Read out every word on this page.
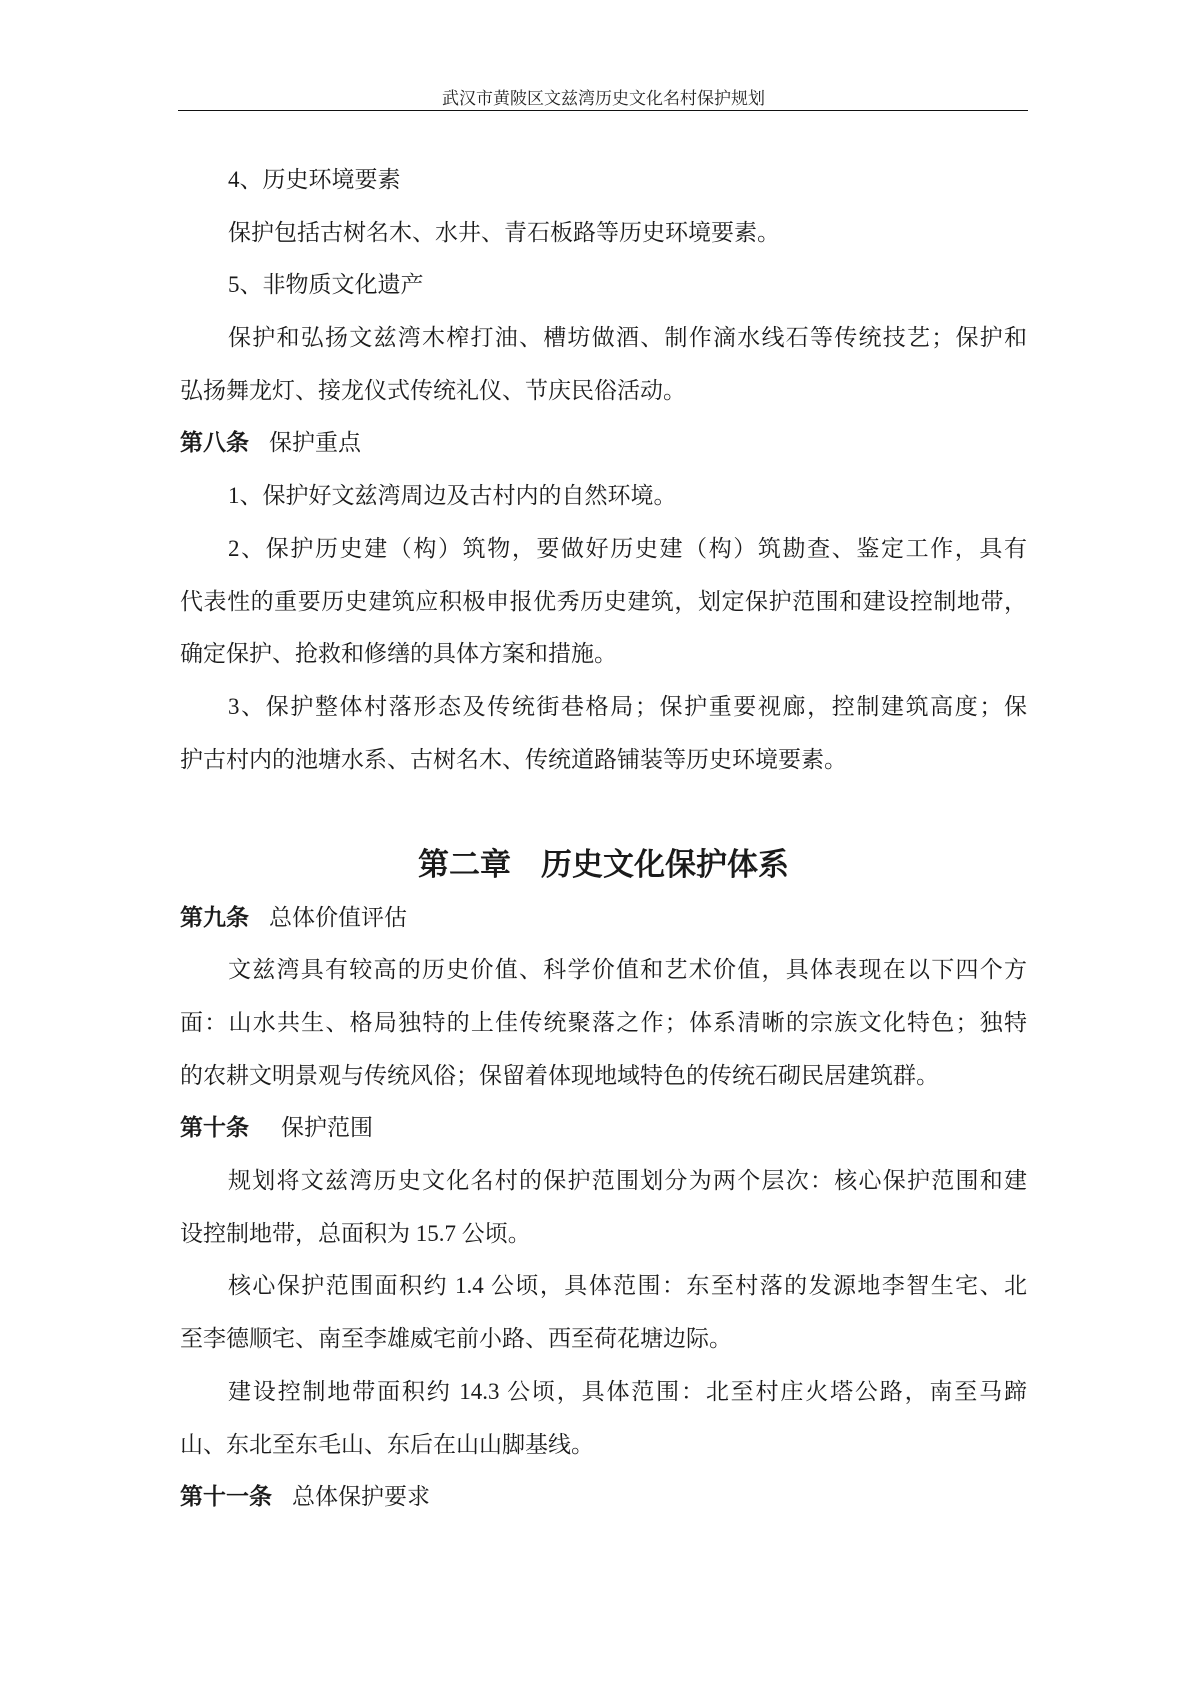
武汉市黄陂区文兹湾历史文化名村保护规划
4、历史环境要素
保护包括古树名木、水井、青石板路等历史环境要素。
5、非物质文化遗产
保护和弘扬文兹湾木榨打油、槽坊做酒、制作滴水线石等传统技艺；保护和
弘扬舞龙灯、接龙仪式传统礼仪、节庆民俗活动。
第八条 保护重点
1、保护好文兹湾周边及古村内的自然环境。
2、保护历史建（构）筑物，要做好历史建（构）筑勘查、鉴定工作，具有
代表性的重要历史建筑应积极申报优秀历史建筑，划定保护范围和建设控制地带，
确定保护、抢救和修缮的具体方案和措施。
3、保护整体村落形态及传统街巷格局；保护重要视廊，控制建筑高度；保
护古村内的池塘水系、古树名木、传统道路铺装等历史环境要素。
第二章 历史文化保护体系
第九条 总体价值评估
文兹湾具有较高的历史价值、科学价值和艺术价值，具体表现在以下四个方
面：山水共生、格局独特的上佳传统聚落之作；体系清晰的宗族文化特色；独特
的农耕文明景观与传统风俗；保留着体现地域特色的传统石砌民居建筑群。
第十条 保护范围
规划将文兹湾历史文化名村的保护范围划分为两个层次：核心保护范围和建
设控制地带，总面积为 15.7 公顷。
核心保护范围面积约 1.4 公顷，具体范围：东至村落的发源地李智生宅、北
至李德顺宅、南至李雄威宅前小路、西至荷花塘边际。
建设控制地带面积约 14.3 公顷，具体范围：北至村庄火塔公路，南至马蹄
山、东北至东毛山、东后在山山脚基线。
第十一条 总体保护要求
